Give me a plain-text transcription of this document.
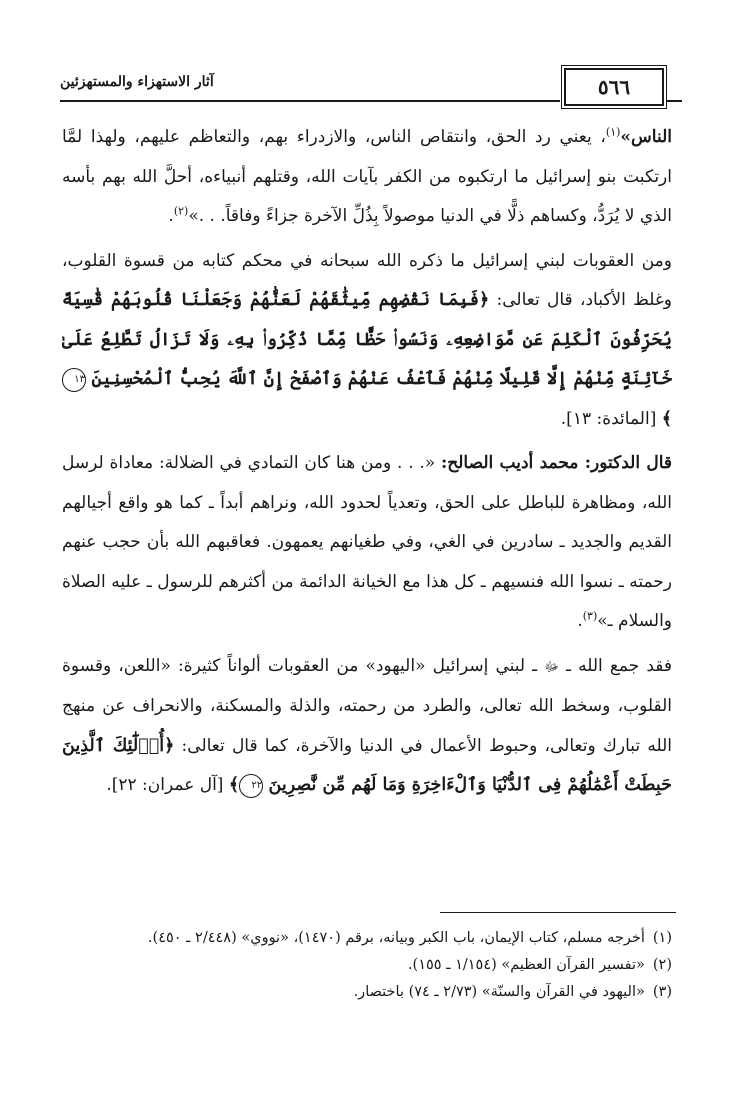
آثار الاستهزاء والمستهزئين	٥٦٦

الناس»$^{(١)}$، يعني رد الحق، وانتقاص الناس، والازدراء بهم، والتعاظم عليهم، ولهذا لمَّا ارتكبت بنو إسرائيل ما ارتكبوه من الكفر بآيات الله، وقتلهم أنبياءه، أحلَّ الله بهم بأسه الذي لا يُرَدُّ، وكساهم ذلًّا في الدنيا موصولاً بِذُلِّ الآخرة جزاءً وفاقاً. . .»$^{(٢)}$.

ومن العقوبات لبني إسرائيل ما ذكره الله سبحانه في محكم كتابه من قسوة القلوب، وغلظ الأكباد، قال تعالى: ﴿فَبِمَا نَقْضِهِم مِّيثَٰقَهُمْ لَعَنَّٰهُمْ وَجَعَلْنَا قُلُوبَهُمْ قَٰسِيَةً يُحَرِّفُونَ ٱلْكَلِمَ عَن مَّوَاضِعِهِۦ وَنَسُوا۟ حَظًّا مِّمَّا ذُكِّرُوا۟ بِهِۦ وَلَا تَزَالُ تَطَّلِعُ عَلَىٰ خَآئِنَةٍ مِّنْهُمْ إِلَّا قَلِيلًا مِّنْهُمْ فَٱعْفُ عَنْهُمْ وَٱصْفَحْ إِنَّ ٱللَّهَ يُحِبُّ ٱلْمُحْسِنِينَ ١٣﴾ [المائدة: ١٣].

قال الدكتور: محمد أديب الصالح: «. . . ومن هنا كان التمادي في الضلالة: معاداة لرسل الله، ومظاهرة للباطل على الحق، وتعدياً لحدود الله، ونراهم أبداً ـ كما هو واقع أجيالهم القديم والجديد ـ سادرين في الغي، وفي طغيانهم يعمهون. فعاقبهم الله بأن حجب عنهم رحمته ـ نسوا الله فنسيهم ـ كل هذا مع الخيانة الدائمة من أكثرهم للرسول ـ عليه الصلاة والسلام ـ»$^{(٣)}$.

فقد جمع الله ـ ﷻ ـ لبني إسرائيل «اليهود» من العقوبات ألواناً كثيرة: «اللعن، وقسوة القلوب، وسخط الله تعالى، والطرد من رحمته، والذلة والمسكنة، والانحراف عن منهج الله تبارك وتعالى، وحبوط الأعمال في الدنيا والآخرة، كما قال تعالى: ﴿أُو۟لَٰٓئِكَ ٱلَّذِينَ حَبِطَتْ أَعْمَٰلُهُمْ فِى ٱلدُّنْيَا وَٱلْءَاخِرَةِ وَمَا لَهُم مِّن نَّٰصِرِينَ ٢٢﴾ [آل عمران: ٢٢].

(١)أخرجه مسلم، كتاب الإيمان، باب الكبر وبيانه، برقم (١٤٧٠)، «نووي» (٢/٤٤٨ ـ ٤٥٠).

(٢)«تفسير القرآن العظيم» (١/١٥٤ ـ ١٥٥).

(٣)«اليهود في القرآن والسنّة» (٢/٧٣ ـ ٧٤) باختصار.
